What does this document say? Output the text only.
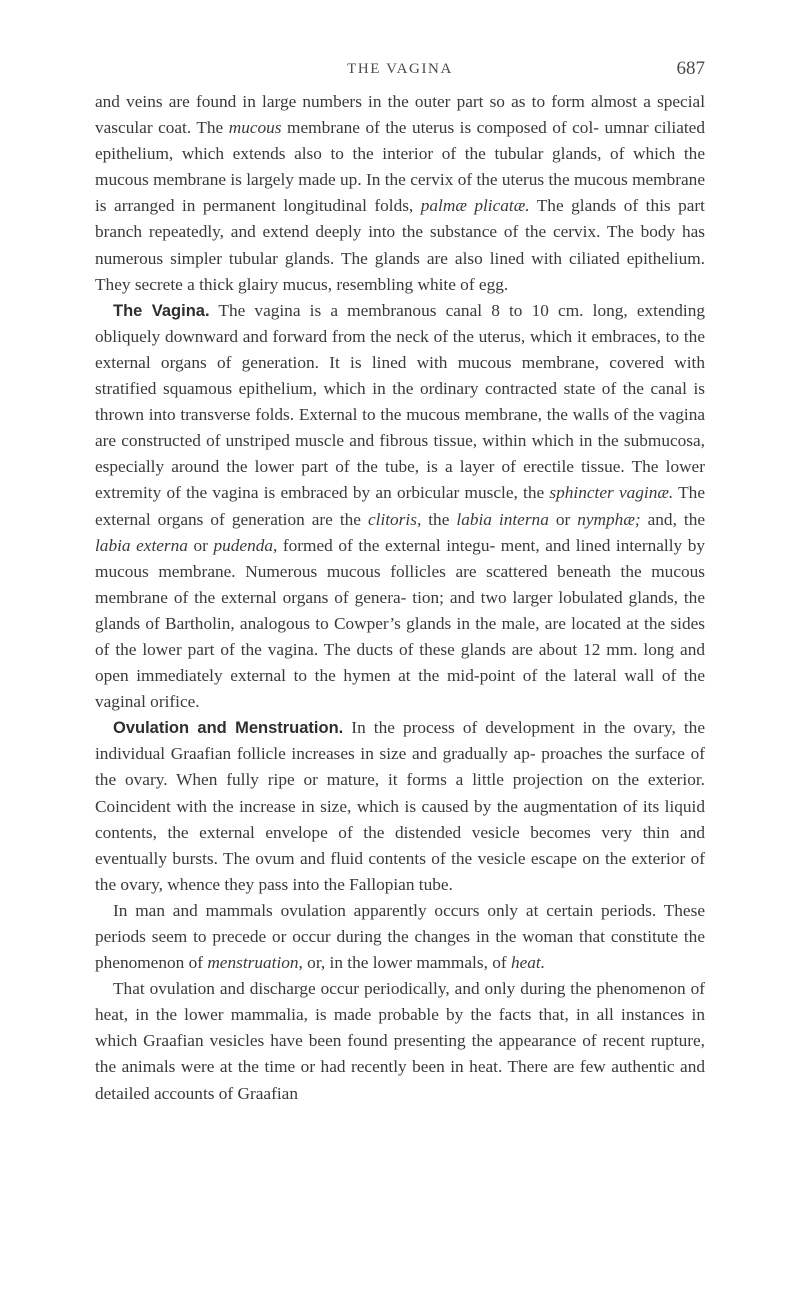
THE VAGINA	687

and veins are found in large numbers in the outer part so as to form almost a special vascular coat. The mucous membrane of the uterus is composed of col- umnar ciliated epithelium, which extends also to the interior of the tubular glands, of which the mucous membrane is largely made up. In the cervix of the uterus the mucous membrane is arranged in permanent longitudinal folds, palmæ plicatæ. The glands of this part branch repeatedly, and extend deeply into the substance of the cervix. The body has numerous simpler tubular glands. The glands are also lined with ciliated epithelium. They secrete a thick glairy mucus, resembling white of egg.

The Vagina. The vagina is a membranous canal 8 to 10 cm. long, extending obliquely downward and forward from the neck of the uterus, which it embraces, to the external organs of generation. It is lined with mucous membrane, covered with stratified squamous epithelium, which in the ordinary contracted state of the canal is thrown into transverse folds. External to the mucous membrane, the walls of the vagina are constructed of unstriped muscle and fibrous tissue, within which in the submucosa, especially around the lower part of the tube, is a layer of erectile tissue. The lower extremity of the vagina is embraced by an orbicular muscle, the sphincter vaginæ. The external organs of generation are the clitoris, the labia interna or nymphæ; and, the labia externa or pudenda, formed of the external integu- ment, and lined internally by mucous membrane. Numerous mucous follicles are scattered beneath the mucous membrane of the external organs of genera- tion; and two larger lobulated glands, the glands of Bartholin, analogous to Cowper’s glands in the male, are located at the sides of the lower part of the vagina. The ducts of these glands are about 12 mm. long and open immediately external to the hymen at the mid-point of the lateral wall of the vaginal orifice.

Ovulation and Menstruation. In the process of development in the ovary, the individual Graafian follicle increases in size and gradually ap- proaches the surface of the ovary. When fully ripe or mature, it forms a little projection on the exterior. Coincident with the increase in size, which is caused by the augmentation of its liquid contents, the external envelope of the distended vesicle becomes very thin and eventually bursts. The ovum and fluid contents of the vesicle escape on the exterior of the ovary, whence they pass into the Fallopian tube.

In man and mammals ovulation apparently occurs only at certain periods. These periods seem to precede or occur during the changes in the woman that constitute the phenomenon of menstruation, or, in the lower mammals, of heat.

That ovulation and discharge occur periodically, and only during the phenomenon of heat, in the lower mammalia, is made probable by the facts that, in all instances in which Graafian vesicles have been found presenting the appearance of recent rupture, the animals were at the time or had recently been in heat. There are few authentic and detailed accounts of Graafian
